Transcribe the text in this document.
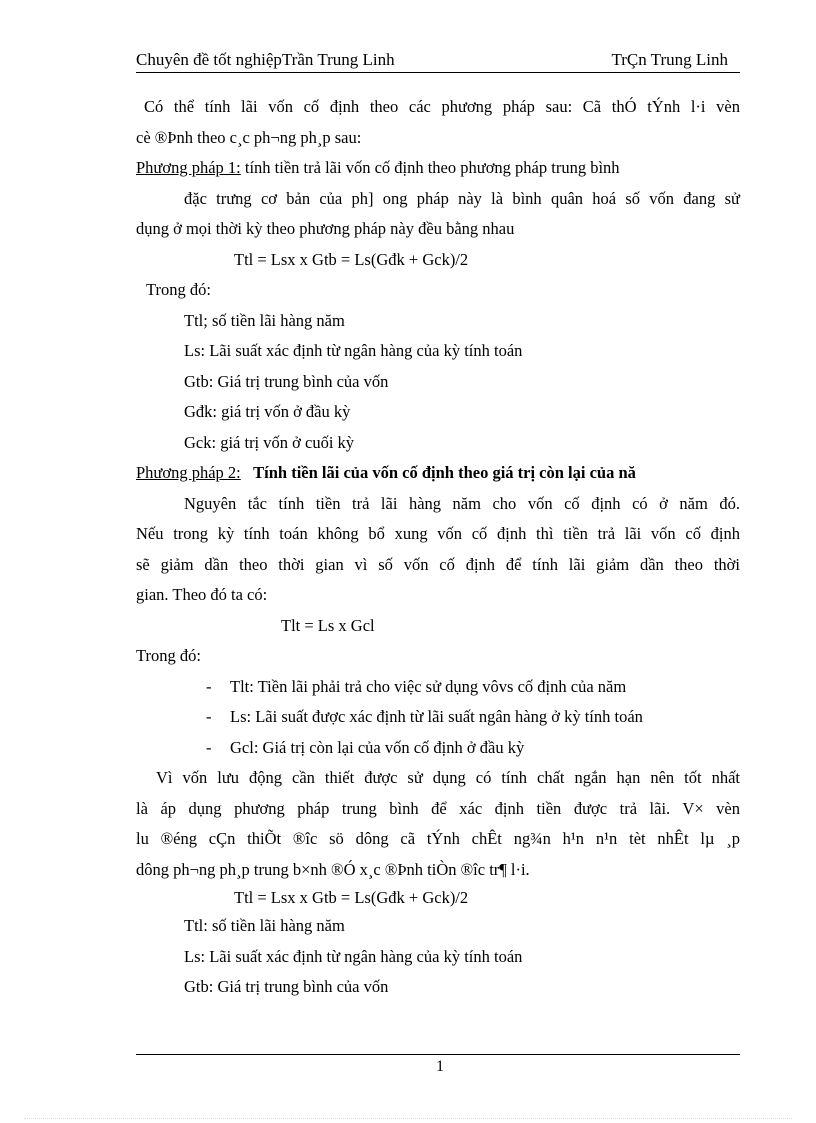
Chuyên đề tốt nghiệpTrần Trung Linh	TrÇn Trung Linh
Có thể tính lãi vốn cố định theo các phương pháp sau: Cã thÓ tÝnh l·i vèn
cè ®Þnh theo c¸c ph¬ng ph¸p sau:
Phương pháp 1: tính tiền trả lãi vốn cố định theo phương pháp trung bình
đặc trưng cơ bản của ph] ong pháp này là bình quân hoá số vốn đang sử
dụng ở mọi thời kỳ theo phương pháp này đều bằng nhau
Ttl = Lsx x Gtb = Ls(Gđk + Gck)/2
Trong đó:
Ttl; số tiền lãi hàng năm
Ls: Lãi suất xác định từ ngân hàng của kỳ tính toán
Gtb: Giá trị trung bình của vốn
Gđk: giá trị vốn ở đầu kỳ
Gck: giá trị vốn ở cuối kỳ
Phương pháp 2: Tính tiền lãi của vốn cố định theo giá trị còn lại của nă
Nguyên tắc tính tiền trả lãi hàng năm cho vốn cố định có ở năm đó.
Nếu trong kỳ tính toán không bổ xung vốn cố định thì tiền trả lãi vốn cố định
sẽ giảm dần theo thời gian vì số vốn cố định để tính lãi giảm dần theo thời
gian. Theo đó ta có:
Tlt = Ls x Gcl
Trong đó:
- Tlt: Tiền lãi phải trả cho việc sử dụng vôvs cố định của năm
- Ls: Lãi suất được xác định từ lãi suất ngân hàng ở kỳ tính toán
- Gcl: Giá trị còn lại của vốn cố định ở đầu kỳ
Vì vốn lưu động cần thiết được sử dụng có tính chất ngắn hạn nên tốt nhất
là áp dụng phương pháp trung bình để xác định tiền được trả lãi. V× vèn
lu ®éng cÇn thiÕt ®îc sö dông cã tÝnh chÊt ng¾n h¹n n¹n tèt nhÊt lµ ¸p
dông ph¬ng ph¸p trung b×nh ®Ó x¸c ®Þnh tiÒn ®îc tr¶ l·i.
Ttl = Lsx x Gtb = Ls(Gđk + Gck)/2
Ttl: số tiền lãi hàng năm
Ls: Lãi suất xác định từ ngân hàng của kỳ tính toán
Gtb: Giá trị trung bình của vốn
1
